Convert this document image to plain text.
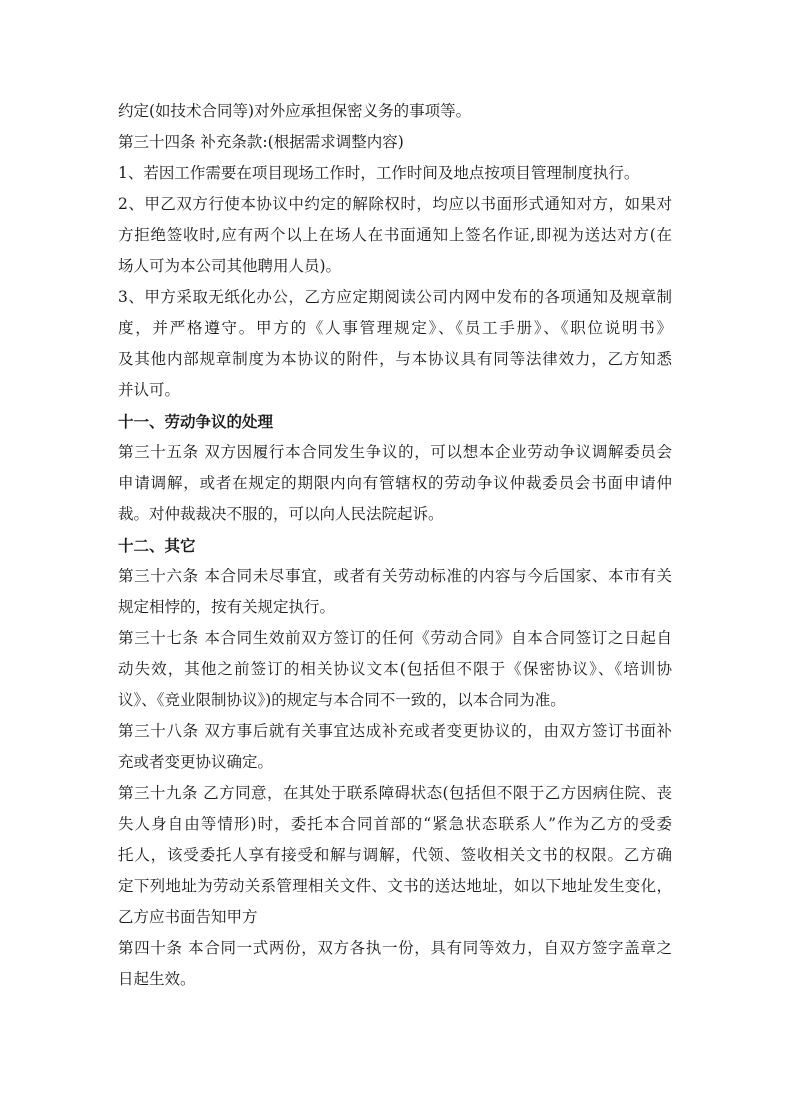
约定(如技术合同等)对外应承担保密义务的事项等。
第三十四条 补充条款:(根据需求调整内容)
1、若因工作需要在项目现场工作时，工作时间及地点按项目管理制度执行。
2、甲乙双方行使本协议中约定的解除权时，均应以书面形式通知对方，如果对
方拒绝签收时,应有两个以上在场人在书面通知上签名作证,即视为送达对方(在
场人可为本公司其他聘用人员)。
3、甲方采取无纸化办公，乙方应定期阅读公司内网中发布的各项通知及规章制
度，并严格遵守。甲方的《人事管理规定》、《员工手册》、《职位说明书》
及其他内部规章制度为本协议的附件，与本协议具有同等法律效力，乙方知悉
并认可。
十一、劳动争议的处理
第三十五条 双方因履行本合同发生争议的，可以想本企业劳动争议调解委员会
申请调解，或者在规定的期限内向有管辖权的劳动争议仲裁委员会书面申请仲
裁。对仲裁裁决不服的，可以向人民法院起诉。
十二、其它
第三十六条 本合同未尽事宜，或者有关劳动标准的内容与今后国家、本市有关
规定相悖的，按有关规定执行。
第三十七条 本合同生效前双方签订的任何《劳动合同》自本合同签订之日起自
动失效，其他之前签订的相关协议文本(包括但不限于《保密协议》、《培训协
议》、《竞业限制协议》)的规定与本合同不一致的，以本合同为准。
第三十八条 双方事后就有关事宜达成补充或者变更协议的，由双方签订书面补
充或者变更协议确定。
第三十九条 乙方同意，在其处于联系障碍状态(包括但不限于乙方因病住院、丧
失人身自由等情形)时，委托本合同首部的“紧急状态联系人”作为乙方的受委
托人，该受委托人享有接受和解与调解，代领、签收相关文书的权限。乙方确
定下列地址为劳动关系管理相关文件、文书的送达地址，如以下地址发生变化，
乙方应书面告知甲方
第四十条 本合同一式两份，双方各执一份，具有同等效力，自双方签字盖章之
日起生效。
